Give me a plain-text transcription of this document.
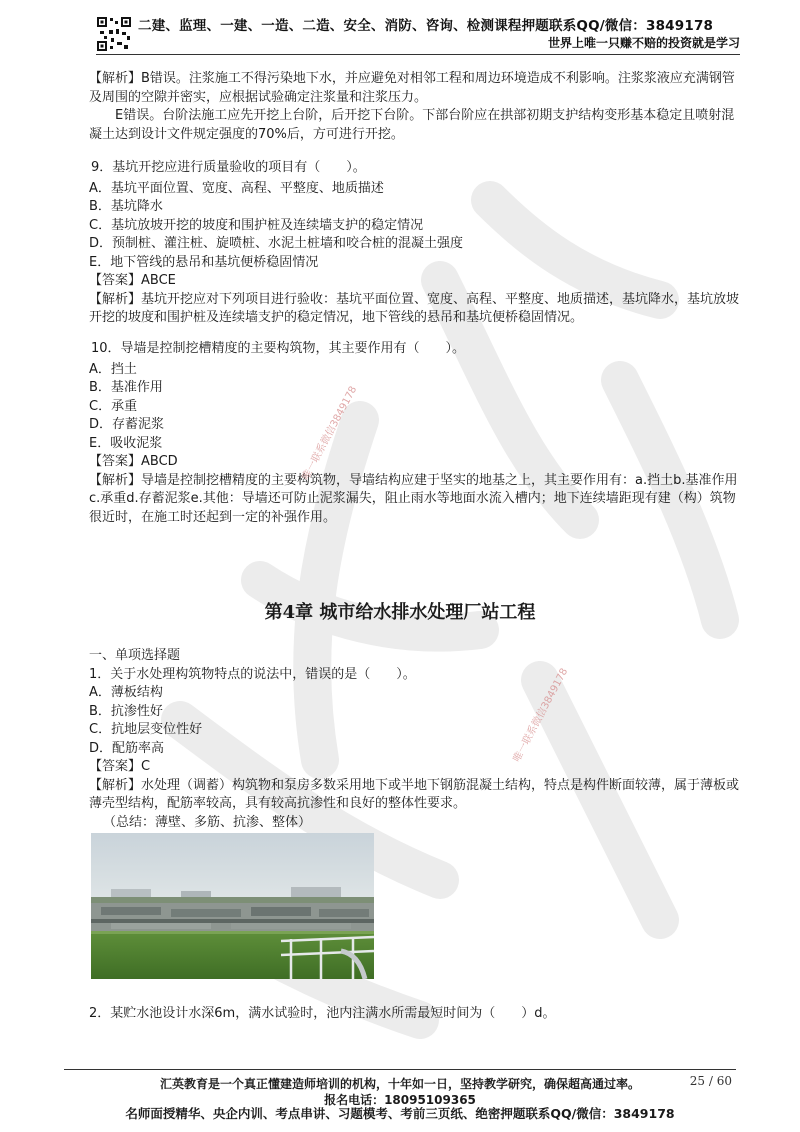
二建、监理、一建、一造、二造、安全、消防、咨询、检测课程押题联系QQ/微信：3849178
世界上唯一只赚不赔的投资就是学习

【解析】B错误。注浆施工不得污染地下水，并应避免对相邻工程和周边环境造成不利影响。注浆浆液应充满钢管及周围的空隙并密实，应根据试验确定注浆量和注浆压力。

E错误。台阶法施工应先开挖上台阶，后开挖下台阶。下部台阶应在拱部初期支护结构变形基本稳定且喷射混凝土达到设计文件规定强度的70%后，方可进行开挖。

9．基坑开挖应进行质量验收的项目有（　　）。

A．基坑平面位置、宽度、高程、平整度、地质描述

B．基坑降水

C．基坑放坡开挖的坡度和围护桩及连续墙支护的稳定情况

D．预制桩、灌注桩、旋喷桩、水泥土桩墙和咬合桩的混凝土强度

E．地下管线的悬吊和基坑便桥稳固情况

【答案】ABCE

【解析】基坑开挖应对下列项目进行验收：基坑平面位置、宽度、高程、平整度、地质描述，基坑降水，基坑放坡开挖的坡度和围护桩及连续墙支护的稳定情况，地下管线的悬吊和基坑便桥稳固情况。

10．导墙是控制挖槽精度的主要构筑物，其主要作用有（　　）。

A．挡土

B．基准作用

C．承重

D．存蓄泥浆

E．吸收泥浆

【答案】ABCD

【解析】导墙是控制挖槽精度的主要构筑物，导墙结构应建于坚实的地基之上，其主要作用有：a.挡土b.基准作用c.承重d.存蓄泥浆e.其他：导墙还可防止泥浆漏失，阻止雨水等地面水流入槽内；地下连续墙距现有建（构）筑物很近时，在施工时还起到一定的补强作用。

第4章 城市给水排水处理厂站工程

一、单项选择题

1．关于水处理构筑物特点的说法中，错误的是（　　）。

A．薄板结构

B．抗渗性好

C．抗地层变位性好

D．配筋率高

【答案】C

【解析】水处理（调蓄）构筑物和泵房多数采用地下或半地下钢筋混凝土结构，特点是构件断面较薄，属于薄板或薄壳型结构，配筋率较高，具有较高抗渗性和良好的整体性要求。

（总结：薄壁、多筋、抗渗、整体）

2．某贮水池设计水深6m，满水试验时，池内注满水所需最短时间为（　　）d。
唯一联系微信3849178
唯一联系微信3849178
汇英教育是一个真正懂建造师培训的机构，十年如一日，坚持教学研究，确保超高通过率。	25 / 60
报名电话：18095109365
名师面授精华、央企内训、考点串讲、习题模考、考前三页纸、绝密押题联系QQ/微信：3849178
